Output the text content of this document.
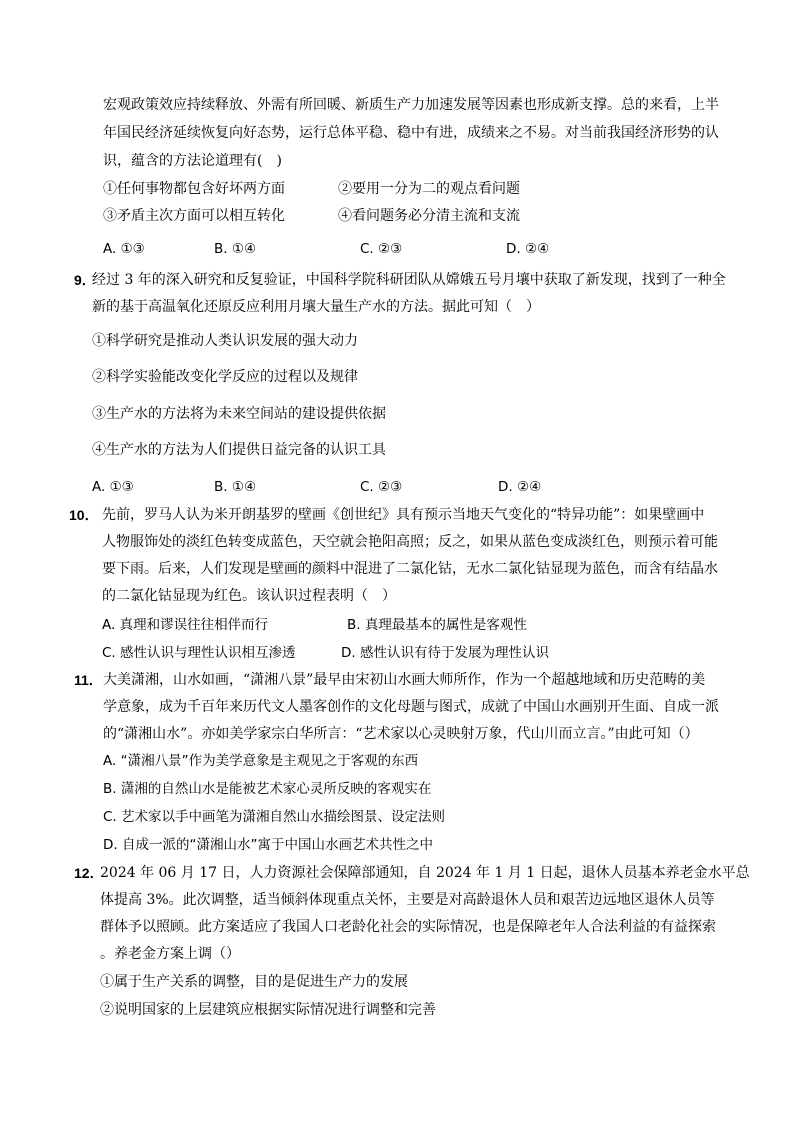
宏观政策效应持续释放、外需有所回暖、新质生产力加速发展等因素也形成新支撑。总的来看，上半
年国民经济延续恢复向好态势，运行总体平稳、稳中有进，成绩来之不易。对当前我国经济形势的认
识，蕴含的方法论道理有(　)
①任何事物都包含好坏两方面	②要用一分为二的观点看问题
③矛盾主次方面可以相互转化	④看问题务必分清主流和支流
A. ①③	B. ①④	C. ②③	D. ②④
9．
经过 3 年的深入研究和反复验证，中国科学院科研团队从嫦娥五号月壤中获取了新发现，找到了一种全
新的基于高温氧化还原反应利用月壤大量生产水的方法。据此可知（　）
①科学研究是推动人类认识发展的强大动力
②科学实验能改变化学反应的过程以及规律
③生产水的方法将为未来空间站的建设提供依据
④生产水的方法为人们提供日益完备的认识工具
A. ①③	B. ①④	C. ②③	D. ②④
10． 先前，罗马人认为米开朗基罗的壁画《创世纪》具有预示当地天气变化的“特异功能”：如果壁画中
人物服饰处的淡红色转变成蓝色，天空就会艳阳高照；反之，如果从蓝色变成淡红色，则预示着可能
要下雨。后来，人们发现是壁画的颜料中混进了二氯化钴，无水二氯化钴显现为蓝色，而含有结晶水
的二氯化钴显现为红色。该认识过程表明（　）
A. 真理和谬误往往相伴而行	B. 真理最基本的属性是客观性
C. 感性认识与理性认识相互渗透	D. 感性认识有待于发展为理性认识
11． 大美潇湘，山水如画，“潇湘八景”最早由宋初山水画大师所作，作为一个超越地域和历史范畴的美
学意象，成为千百年来历代文人墨客创作的文化母题与图式，成就了中国山水画别开生面、自成一派
的“潇湘山水”。亦如美学家宗白华所言：“艺术家以心灵映射万象，代山川而立言。”由此可知（）
A. “潇湘八景”作为美学意象是主观见之于客观的东西
B. 潇湘的自然山水是能被艺术家心灵所反映的客观实在
C. 艺术家以手中画笔为潇湘自然山水描绘图景、设定法则
D. 自成一派的“潇湘山水”寓于中国山水画艺术共性之中
12．
2024 年 06 月 17 日，人力资源社会保障部通知，自 2024 年 1 月 1 日起，退休人员基本养老金水平总
体提高 3%。此次调整，适当倾斜体现重点关怀，主要是对高龄退休人员和艰苦边远地区退休人员等
群体予以照顾。此方案适应了我国人口老龄化社会的实际情况，也是保障老年人合法利益的有益探索
。养老金方案上调（）
①属于生产关系的调整，目的是促进生产力的发展
②说明国家的上层建筑应根据实际情况进行调整和完善
